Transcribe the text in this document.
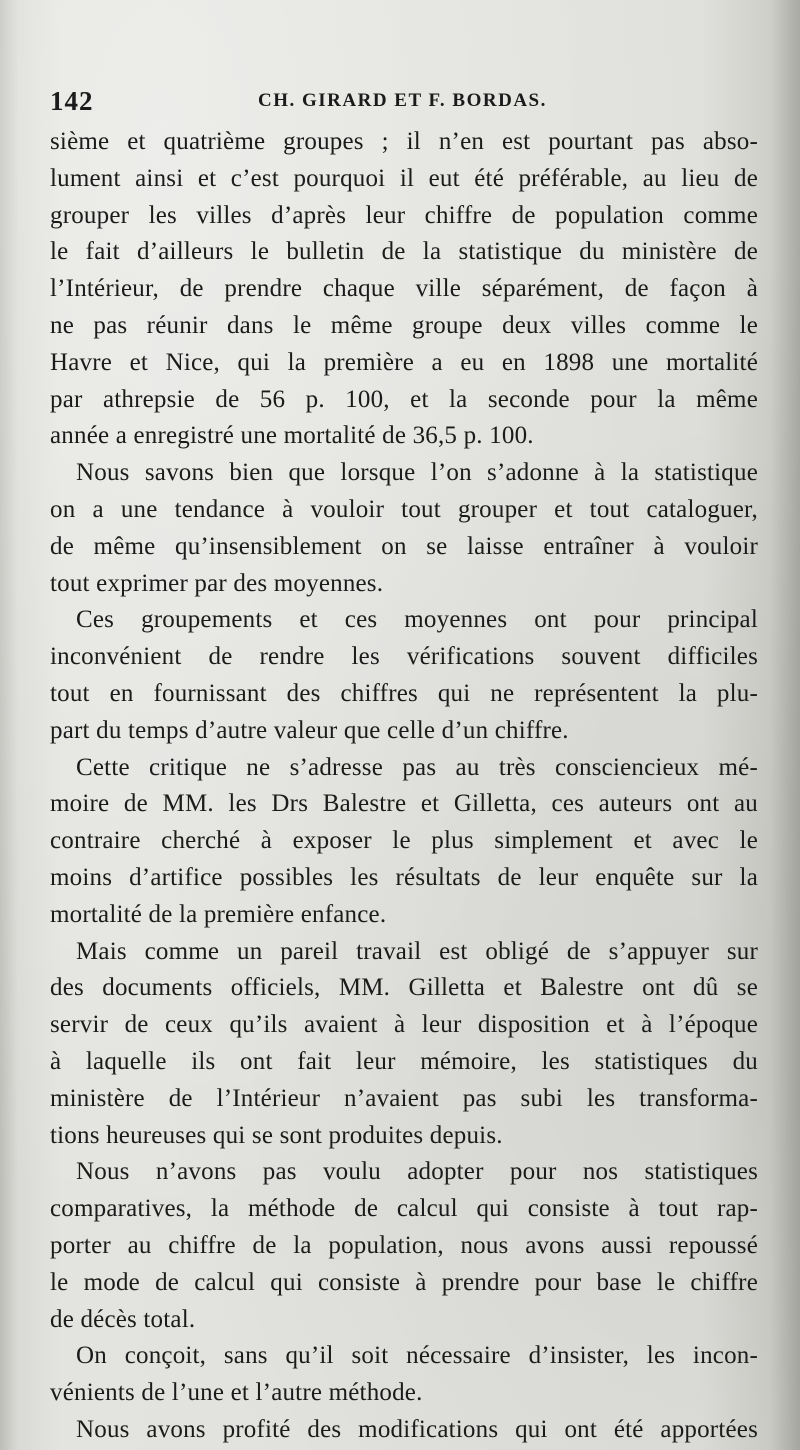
142	CH. GIRARD ET F. BORDAS.
sième et quatrième groupes ; il n’en est pourtant pas abso-
lument ainsi et c’est pourquoi il eut été préférable, au lieu de
grouper les villes d’après leur chiffre de population comme
le fait d’ailleurs le bulletin de la statistique du ministère de
l’Intérieur, de prendre chaque ville séparément, de façon à
ne pas réunir dans le même groupe deux villes comme le
Havre et Nice, qui la première a eu en 1898 une mortalité
par athrepsie de 56 p. 100, et la seconde pour la même
année a enregistré une mortalité de 36,5 p. 100.
Nous savons bien que lorsque l’on s’adonne à la statistique
on a une tendance à vouloir tout grouper et tout cataloguer,
de même qu’insensiblement on se laisse entraîner à vouloir
tout exprimer par des moyennes.
Ces groupements et ces moyennes ont pour principal
inconvénient de rendre les vérifications souvent difficiles
tout en fournissant des chiffres qui ne représentent la plu-
part du temps d’autre valeur que celle d’un chiffre.
Cette critique ne s’adresse pas au très consciencieux mé-
moire de MM. les Drs Balestre et Gilletta, ces auteurs ont au
contraire cherché à exposer le plus simplement et avec le
moins d’artifice possibles les résultats de leur enquête sur la
mortalité de la première enfance.
Mais comme un pareil travail est obligé de s’appuyer sur
des documents officiels, MM. Gilletta et Balestre ont dû se
servir de ceux qu’ils avaient à leur disposition et à l’époque
à laquelle ils ont fait leur mémoire, les statistiques du
ministère de l’Intérieur n’avaient pas subi les transforma-
tions heureuses qui se sont produites depuis.
Nous n’avons pas voulu adopter pour nos statistiques
comparatives, la méthode de calcul qui consiste à tout rap-
porter au chiffre de la population, nous avons aussi repoussé
le mode de calcul qui consiste à prendre pour base le chiffre
de décès total.
On conçoit, sans qu’il soit nécessaire d’insister, les incon-
vénients de l’une et l’autre méthode.
Nous avons profité des modifications qui ont été apportées
